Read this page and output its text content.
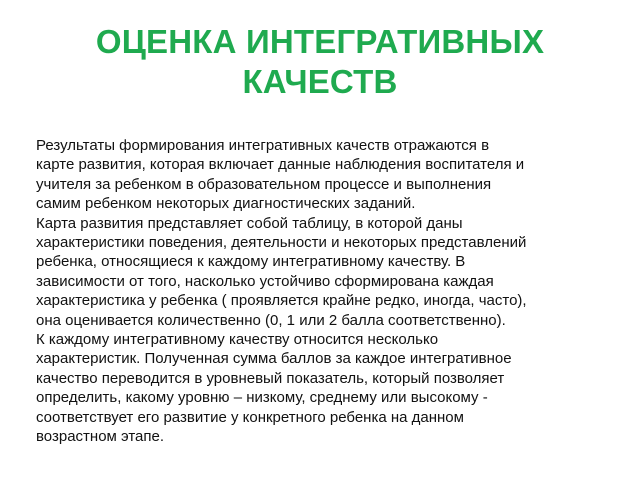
ОЦЕНКА ИНТЕГРАТИВНЫХ
КАЧЕСТВ
Результаты формирования интегративных качеств отражаются в
карте развития, которая включает данные наблюдения воспитателя и
учителя за ребенком в образовательном процессе и выполнения
самим ребенком некоторых диагностических заданий.
Карта развития представляет собой таблицу, в которой даны
характеристики поведения, деятельности и некоторых представлений
ребенка, относящиеся к каждому интегративному качеству. В
зависимости от того, насколько устойчиво сформирована каждая
характеристика у ребенка ( проявляется крайне редко, иногда, часто),
она оценивается количественно (0, 1 или 2 балла соответственно).
К каждому интегративному качеству относится несколько
характеристик. Полученная сумма баллов за каждое интегративное
качество переводится в уровневый показатель, который позволяет
определить, какому уровню – низкому, среднему или высокому -
соответствует его развитие у конкретного ребенка на данном
возрастном этапе.
